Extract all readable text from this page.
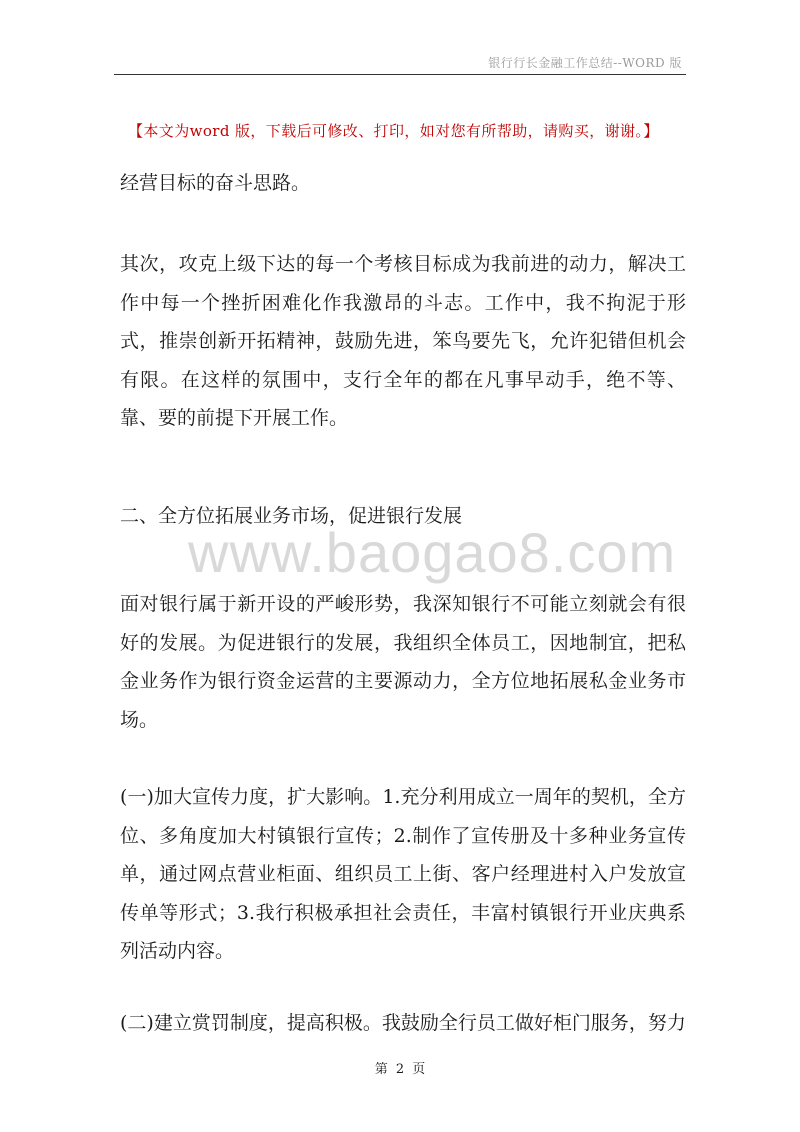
银行行长金融工作总结--WORD 版
【本文为word 版，下载后可修改、打印，如对您有所帮助，请购买，谢谢。】

经营目标的奋斗思路。

其次，攻克上级下达的每一个考核目标成为我前进的动力，解决工作中每一个挫折困难化作我激昂的斗志。工作中，我不拘泥于形式，推崇创新开拓精神，鼓励先进，笨鸟要先飞，允许犯错但机会有限。在这样的氛围中，支行全年的都在凡事早动手，绝不等、靠、要的前提下开展工作。

二、全方位拓展业务市场，促进银行发展

www.baogao8.com

面对银行属于新开设的严峻形势，我深知银行不可能立刻就会有很好的发展。为促进银行的发展，我组织全体员工，因地制宜，把私金业务作为银行资金运营的主要源动力，全方位地拓展私金业务市场。

(一)加大宣传力度，扩大影响。1.充分利用成立一周年的契机，全方位、多角度加大村镇银行宣传；2.制作了宣传册及十多种业务宣传单，通过网点营业柜面、组织员工上街、客户经理进村入户发放宣传单等形式；3.我行积极承担社会责任，丰富村镇银行开业庆典系列活动内容。

(二)建立赏罚制度，提高积极。我鼓励全行员工做好柜门服务，努力

第 2 页
